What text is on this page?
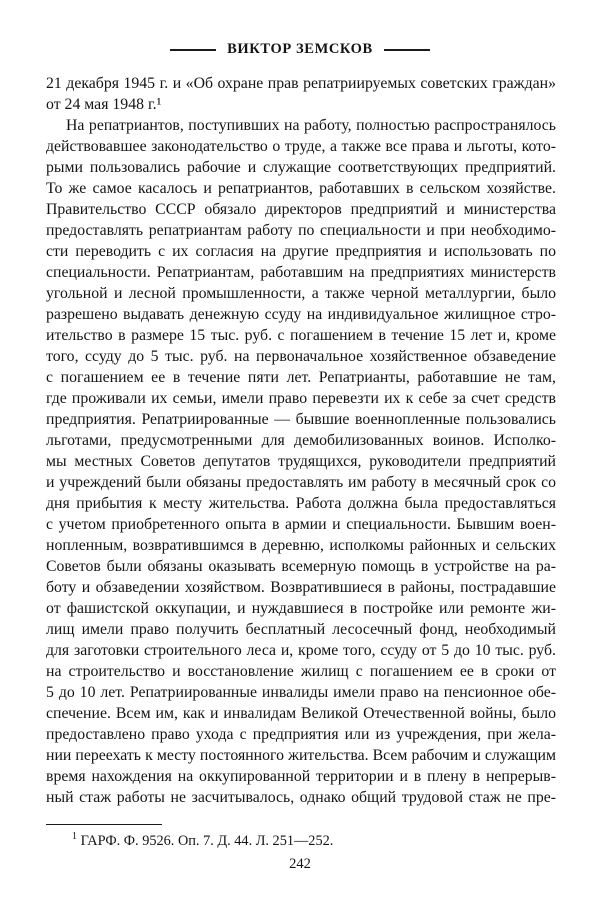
ВИКТОР ЗЕМСКОВ
21 декабря 1945 г. и «Об охране прав репатриируемых советских граждан»
от 24 мая 1948 г.¹
На репатриантов, поступивших на работу, полностью распространялось
действовавшее законодательство о труде, а также все права и льготы, кото-
рыми пользовались рабочие и служащие соответствующих предприятий.
То же самое касалось и репатриантов, работавших в сельском хозяйстве.
Правительство СССР обязало директоров предприятий и министерства
предоставлять репатриантам работу по специальности и при необходимо-
сти переводить с их согласия на другие предприятия и использовать по
специальности. Репатриантам, работавшим на предприятиях министерств
угольной и лесной промышленности, а также черной металлургии, было
разрешено выдавать денежную ссуду на индивидуальное жилищное стро-
ительство в размере 15 тыс. руб. с погашением в течение 15 лет и, кроме
того, ссуду до 5 тыс. руб. на первоначальное хозяйственное обзаведение
с погашением ее в течение пяти лет. Репатрианты, работавшие не там,
где проживали их семьи, имели право перевезти их к себе за счет средств
предприятия. Репатриированные — бывшие военнопленные пользовались
льготами, предусмотренными для демобилизованных воинов. Исполко-
мы местных Советов депутатов трудящихся, руководители предприятий
и учреждений были обязаны предоставлять им работу в месячный срок со
дня прибытия к месту жительства. Работа должна была предоставляться
с учетом приобретенного опыта в армии и специальности. Бывшим воен-
нопленным, возвратившимся в деревню, исполкомы районных и сельских
Советов были обязаны оказывать всемерную помощь в устройстве на ра-
боту и обзаведении хозяйством. Возвратившиеся в районы, пострадавшие
от фашистской оккупации, и нуждавшиеся в постройке или ремонте жи-
лищ имели право получить бесплатный лесосечный фонд, необходимый
для заготовки строительного леса и, кроме того, ссуду от 5 до 10 тыс. руб.
на строительство и восстановление жилищ с погашением ее в сроки от
5 до 10 лет. Репатриированные инвалиды имели право на пенсионное обе-
спечение. Всем им, как и инвалидам Великой Отечественной войны, было
предоставлено право ухода с предприятия или из учреждения, при жела-
нии переехать к месту постоянного жительства. Всем рабочим и служащим
время нахождения на оккупированной территории и в плену в непрерыв-
ный стаж работы не засчитывалось, однако общий трудовой стаж не пре-
$^1$ ГАРФ. Ф. 9526. Оп. 7. Д. 44. Л. 251—252.
242
